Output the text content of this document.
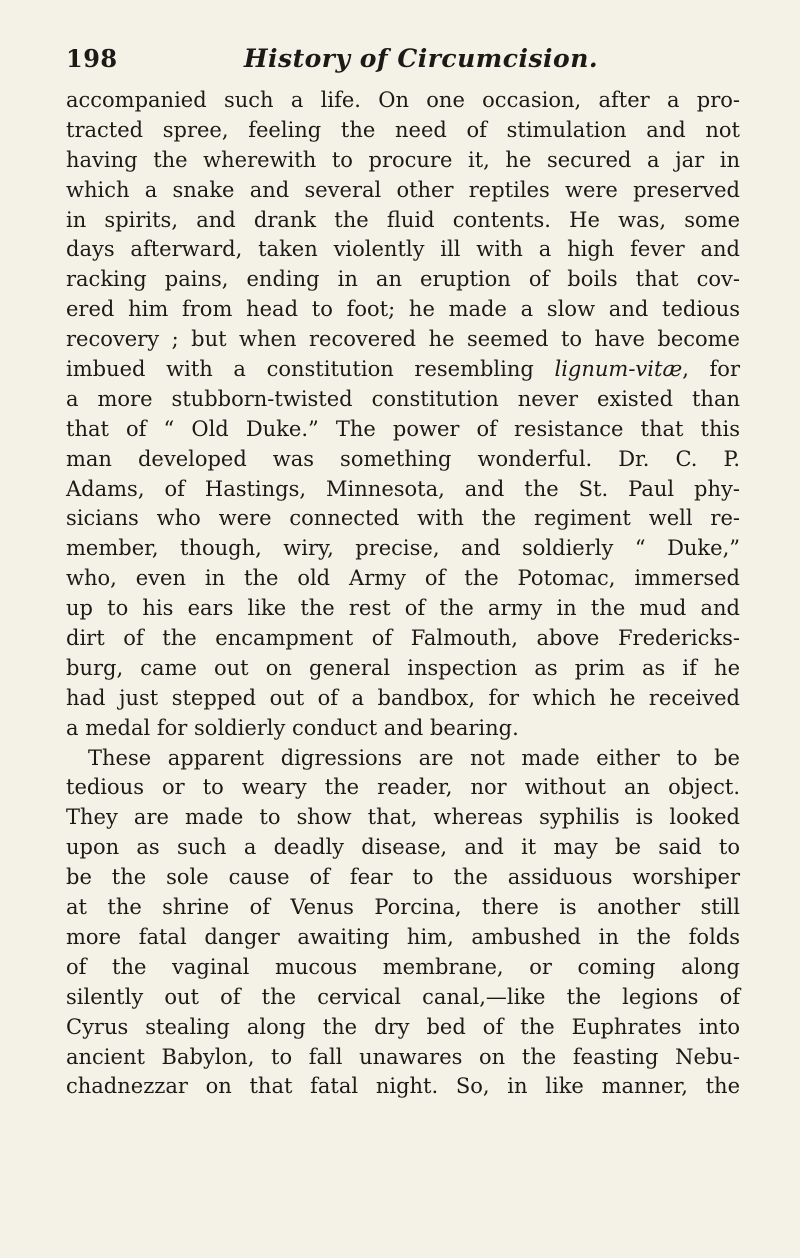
198	History of Circumcision.
accompanied such a life. On one occasion, after a pro-
tracted spree, feeling the need of stimulation and not
having the wherewith to procure it, he secured a jar in
which a snake and several other reptiles were preserved
in spirits, and drank the fluid contents. He was, some
days afterward, taken violently ill with a high fever and
racking pains, ending in an eruption of boils that cov-
ered him from head to foot; he made a slow and tedious
recovery ; but when recovered he seemed to have become
imbued with a constitution resembling lignum-vitæ, for
a more stubborn-twisted constitution never existed than
that of “ Old Duke.” The power of resistance that this
man developed was something wonderful. Dr. C. P.
Adams, of Hastings, Minnesota, and the St. Paul phy-
sicians who were connected with the regiment well re-
member, though, wiry, precise, and soldierly “ Duke,”
who, even in the old Army of the Potomac, immersed
up to his ears like the rest of the army in the mud and
dirt of the encampment of Falmouth, above Fredericks-
burg, came out on general inspection as prim as if he
had just stepped out of a bandbox, for which he received
a medal for soldierly conduct and bearing.
These apparent digressions are not made either to be
tedious or to weary the reader, nor without an object.
They are made to show that, whereas syphilis is looked
upon as such a deadly disease, and it may be said to
be the sole cause of fear to the assiduous worshiper
at the shrine of Venus Porcina, there is another still
more fatal danger awaiting him, ambushed in the folds
of the vaginal mucous membrane, or coming along
silently out of the cervical canal,—like the legions of
Cyrus stealing along the dry bed of the Euphrates into
ancient Babylon, to fall unawares on the feasting Nebu-
chadnezzar on that fatal night. So, in like manner, the
